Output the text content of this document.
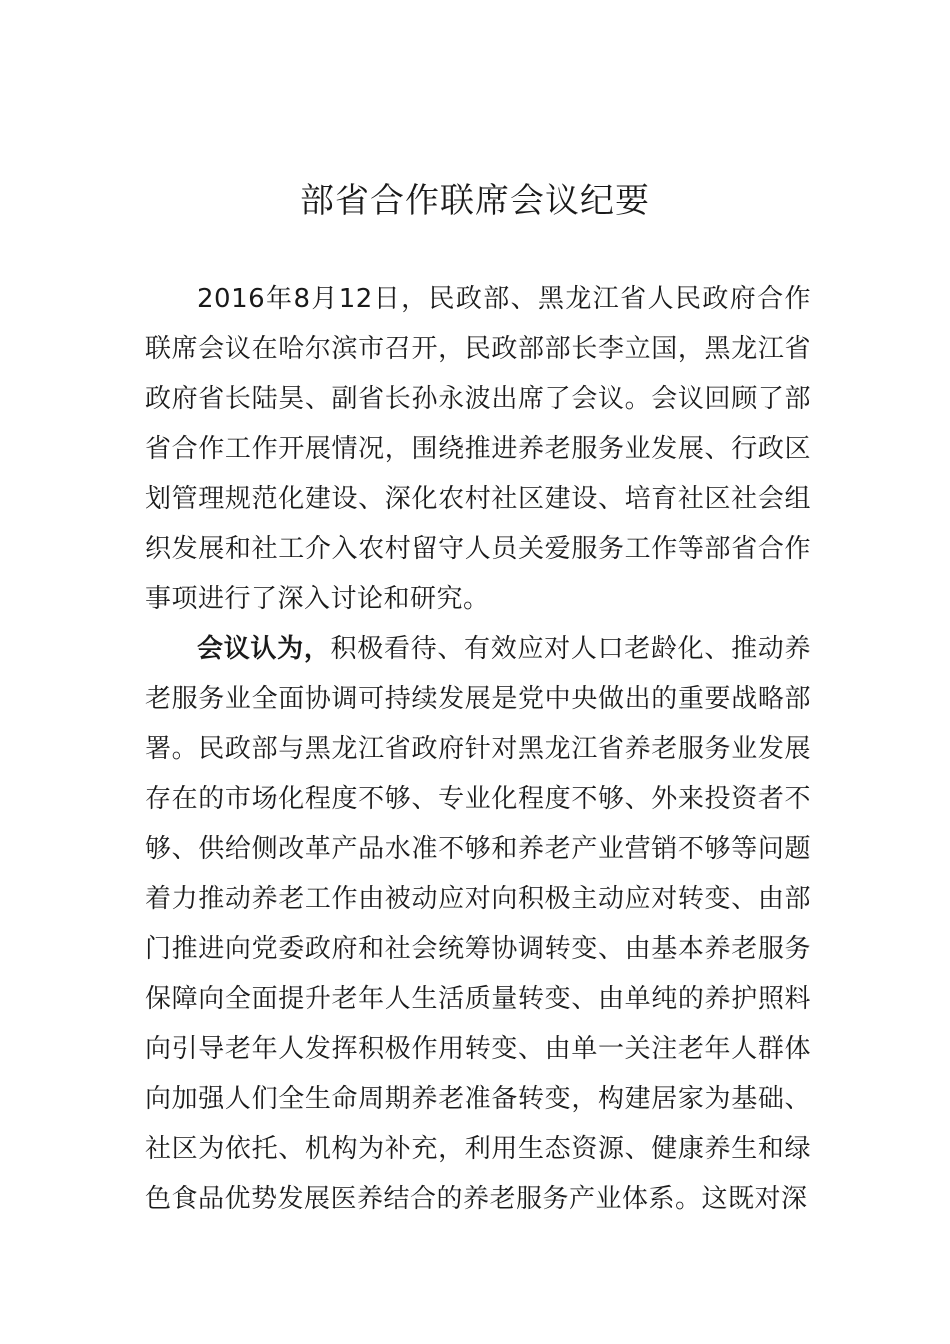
部省合作联席会议纪要

2016年8月12日，民政部、黑龙江省人民政府合作联席会议在哈尔滨市召开，民政部部长李立国，黑龙江省政府省长陆昊、副省长孙永波出席了会议。会议回顾了部省合作工作开展情况，围绕推进养老服务业发展、行政区划管理规范化建设、深化农村社区建设、培育社区社会组织发展和社工介入农村留守人员关爱服务工作等部省合作事项进行了深入讨论和研究。

会议认为，积极看待、有效应对人口老龄化、推动养老服务业全面协调可持续发展是党中央做出的重要战略部署。民政部与黑龙江省政府针对黑龙江省养老服务业发展存在的市场化程度不够、专业化程度不够、外来投资者不够、供给侧改革产品水准不够和养老产业营销不够等问题着力推动养老工作由被动应对向积极主动应对转变、由部门推进向党委政府和社会统筹协调转变、由基本养老服务保障向全面提升老年人生活质量转变、由单纯的养护照料向引导老年人发挥积极作用转变、由单一关注老年人群体向加强人们全生命周期养老准备转变，构建居家为基础、社区为依托、机构为补充，利用生态资源、健康养生和绿色食品优势发展医养结合的养老服务产业体系。这既对深
